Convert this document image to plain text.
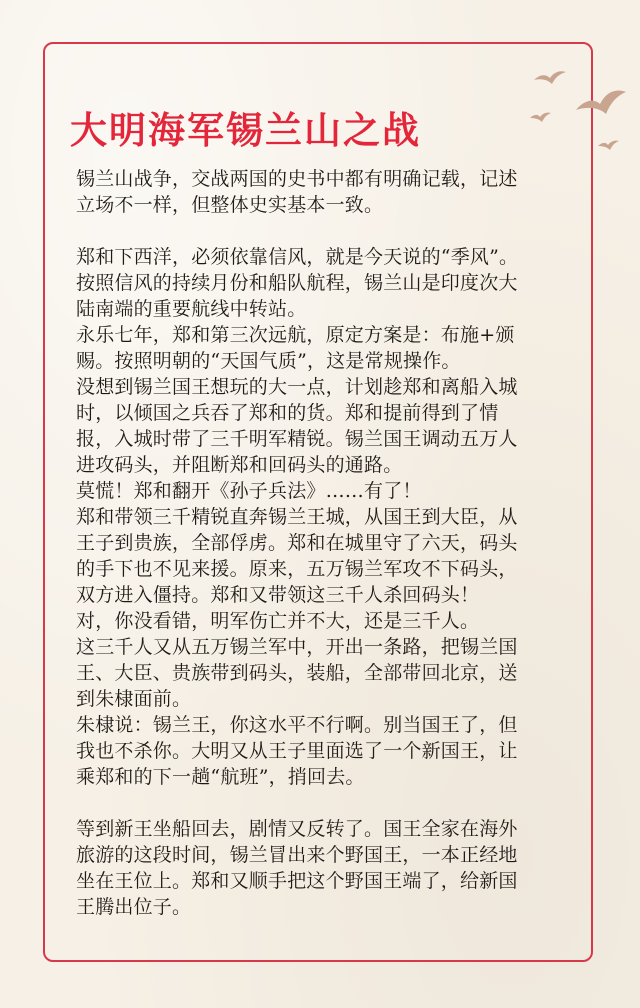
大明海军锡兰山之战

锡兰山战争，交战两国的史书中都有明确记载，记述立场不一样，但整体史实基本一致。

郑和下西洋，必须依靠信风，就是今天说的“季风”。按照信风的持续月份和船队航程，锡兰山是印度次大陆南端的重要航线中转站。

永乐七年，郑和第三次远航，原定方案是：布施+颁赐。按照明朝的“天国气质”，这是常规操作。

没想到锡兰国王想玩的大一点，计划趁郑和离船入城时，以倾国之兵吞了郑和的货。郑和提前得到了情报，入城时带了三千明军精锐。锡兰国王调动五万人进攻码头，并阻断郑和回码头的通路。

莫慌！郑和翻开《孙子兵法》……有了！

郑和带领三千精锐直奔锡兰王城，从国王到大臣，从王子到贵族，全部俘虏。郑和在城里守了六天，码头的手下也不见来援。原来，五万锡兰军攻不下码头，双方进入僵持。郑和又带领这三千人杀回码头！

对，你没看错，明军伤亡并不大，还是三千人。

这三千人又从五万锡兰军中，开出一条路，把锡兰国王、大臣、贵族带到码头，装船，全部带回北京，送到朱棣面前。

朱棣说：锡兰王，你这水平不行啊。别当国王了，但我也不杀你。大明又从王子里面选了一个新国王，让乘郑和的下一趟“航班”，捎回去。

等到新王坐船回去，剧情又反转了。国王全家在海外旅游的这段时间，锡兰冒出来个野国王，一本正经地坐在王位上。郑和又顺手把这个野国王端了，给新国王腾出位子。
